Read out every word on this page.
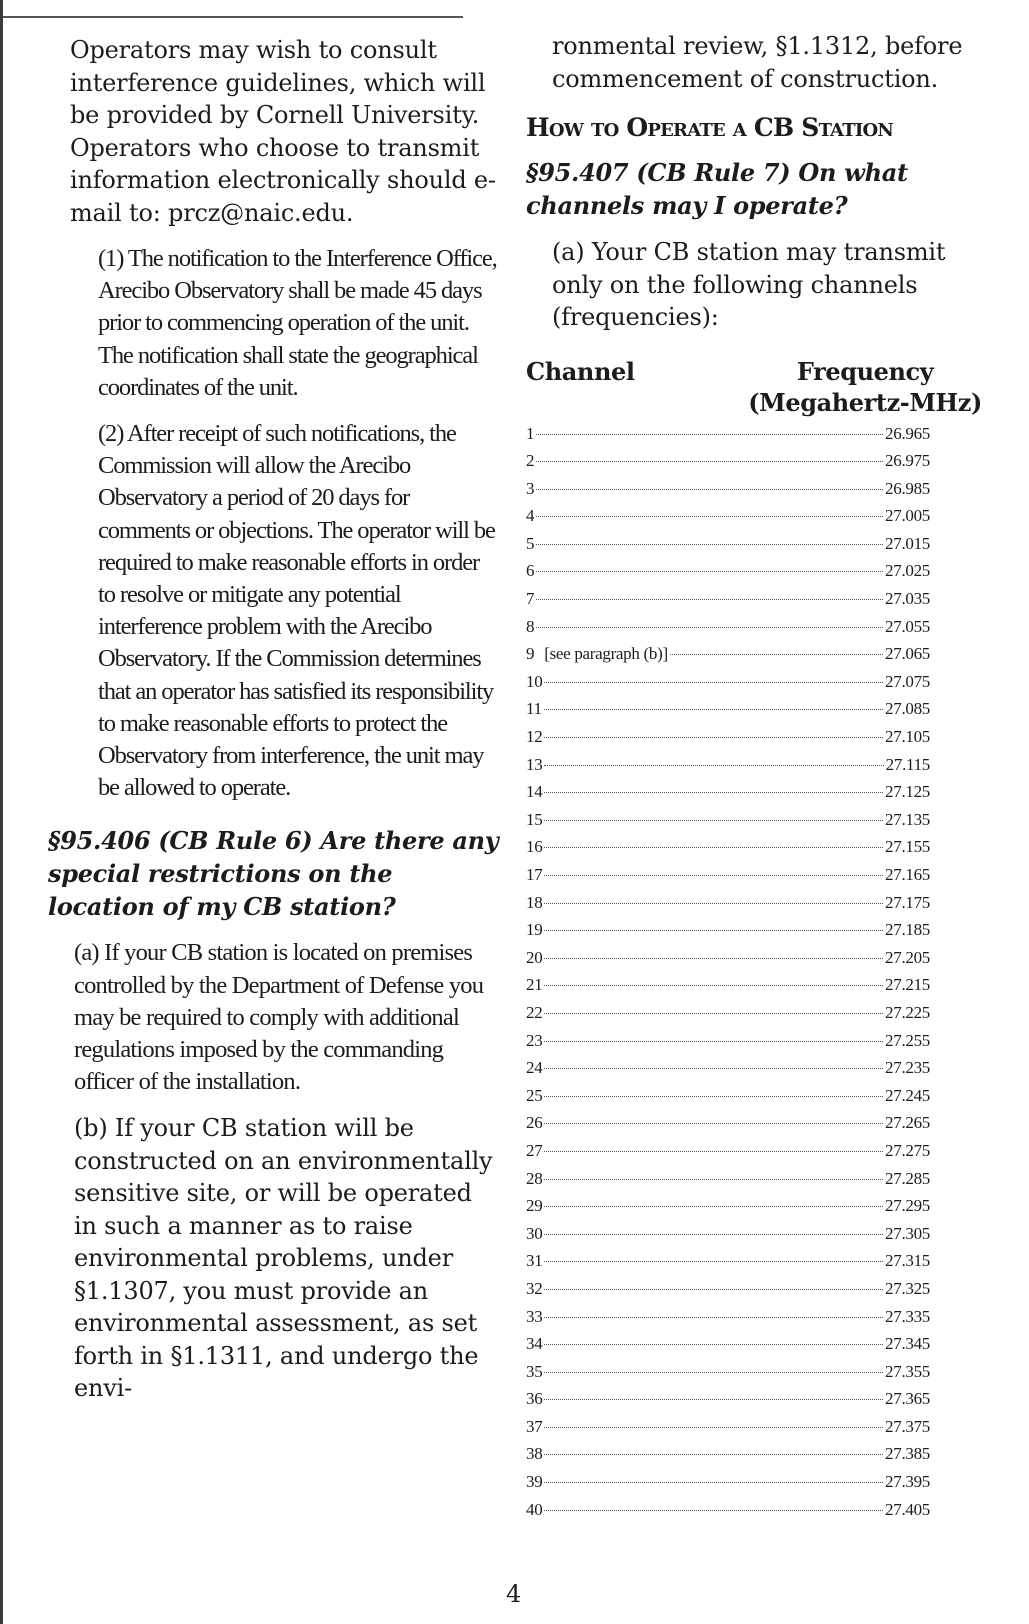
Operators may wish to consult interference guidelines, which will be provided by Cornell University. Operators who choose to transmit information electronically should e-mail to: prcz@naic.edu.

(1) The notification to the Interference Office, Arecibo Observatory shall be made 45 days prior to commencing operation of the unit. The notification shall state the geographical coordinates of the unit.

(2) After receipt of such notifications, the Commission will allow the Arecibo Observatory a period of 20 days for comments or objections. The operator will be required to make reasonable efforts in order to resolve or mitigate any potential interference problem with the Arecibo Observatory. If the Commission determines that an operator has satisfied its responsibility to make reasonable efforts to protect the Observatory from interference, the unit may be allowed to operate.

§95.406 (CB Rule 6) Are there any special restrictions on the location of my CB station?

(a) If your CB station is located on premises controlled by the Department of Defense you may be required to comply with additional regulations imposed by the commanding officer of the installation.

(b) If your CB station will be constructed on an environmentally sensitive site, or will be operated in such a manner as to raise environmental problems, under §1.1307, you must provide an environmental assessment, as set forth in §1.1311, and undergo the envi-

ronmental review, §1.1312, before commencement of construction.

How to Operate a CB Station

§95.407 (CB Rule 7) On what channels may I operate?

(a) Your CB station may transmit only on the following channels (frequencies):

Channel	Frequency
(Megahertz-MHz)
1	26.965
2	26.975
3	26.985
4	27.005
5	27.015
6	27.025
7	27.035
8	27.055
9 [see paragraph (b)]	27.065
10	27.075
11	27.085
12	27.105
13	27.115
14	27.125
15	27.135
16	27.155
17	27.165
18	27.175
19	27.185
20	27.205
21	27.215
22	27.225
23	27.255
24	27.235
25	27.245
26	27.265
27	27.275
28	27.285
29	27.295
30	27.305
31	27.315
32	27.325
33	27.335
34	27.345
35	27.355
36	27.365
37	27.375
38	27.385
39	27.395
40	27.405
4
